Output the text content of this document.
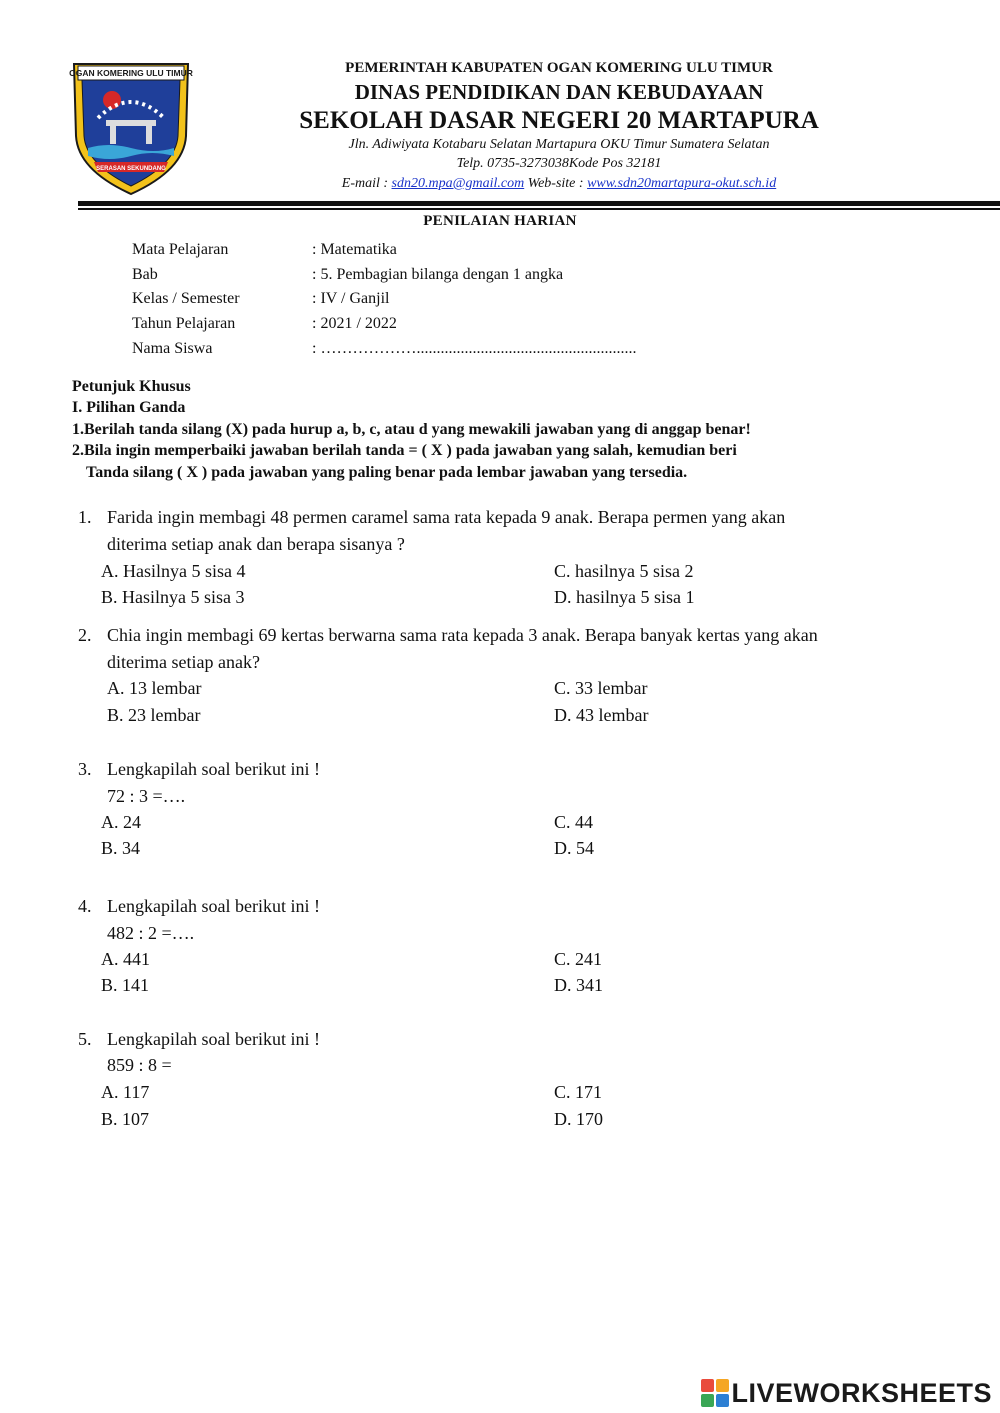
OGAN KOMERING ULU TIMUR
SERASAN SEKUNDANG
PEMERINTAH KABUPATEN OGAN KOMERING ULU TIMUR
DINAS PENDIDIKAN DAN KEBUDAYAAN
SEKOLAH DASAR NEGERI 20 MARTAPURA
Jln. Adiwiyata Kotabaru Selatan Martapura OKU Timur Sumatera Selatan
Telp. 0735-3273038Kode Pos 32181
E-mail : sdn20.mpa@gmail.com Web-site : www.sdn20martapura-okut.sch.id
PENILAIAN HARIAN
Mata Pelajaran	: Matematika
Bab	: 5. Pembagian bilanga dengan 1 angka
Kelas / Semester	: IV / Ganjil
Tahun Pelajaran	: 2021 / 2022
Nama Siswa	: ……………….......................................................
Petunjuk Khusus
I. Pilihan Ganda
1.Berilah tanda silang (X) pada hurup a, b, c, atau d yang mewakili jawaban yang di anggap benar!
2.Bila ingin memperbaiki jawaban berilah tanda = ( X ) pada jawaban yang salah, kemudian beri
Tanda silang ( X ) pada jawaban yang paling benar pada lembar jawaban yang tersedia.
1. Farida ingin membagi 48 permen caramel sama rata kepada 9 anak. Berapa permen yang akan
diterima setiap anak dan berapa sisanya ?
A. Hasilnya 5 sisa 4
B. Hasilnya 5 sisa 3
C. hasilnya 5 sisa 2
D. hasilnya 5 sisa 1
2. Chia ingin membagi 69 kertas berwarna sama rata kepada 3 anak. Berapa banyak kertas yang akan
diterima setiap anak?
A. 13 lembar
B. 23 lembar
C. 33 lembar
D. 43 lembar
3. Lengkapilah soal berikut ini !
72 : 3 =….
A. 24
B. 34
C. 44
D. 54
4. Lengkapilah soal berikut ini !
482 : 2 =….
A. 441
B. 141
C. 241
D. 341
5. Lengkapilah soal berikut ini !
859 : 8 =
A. 117
B. 107
C. 171
D. 170
LIVEWORKSHEETS
